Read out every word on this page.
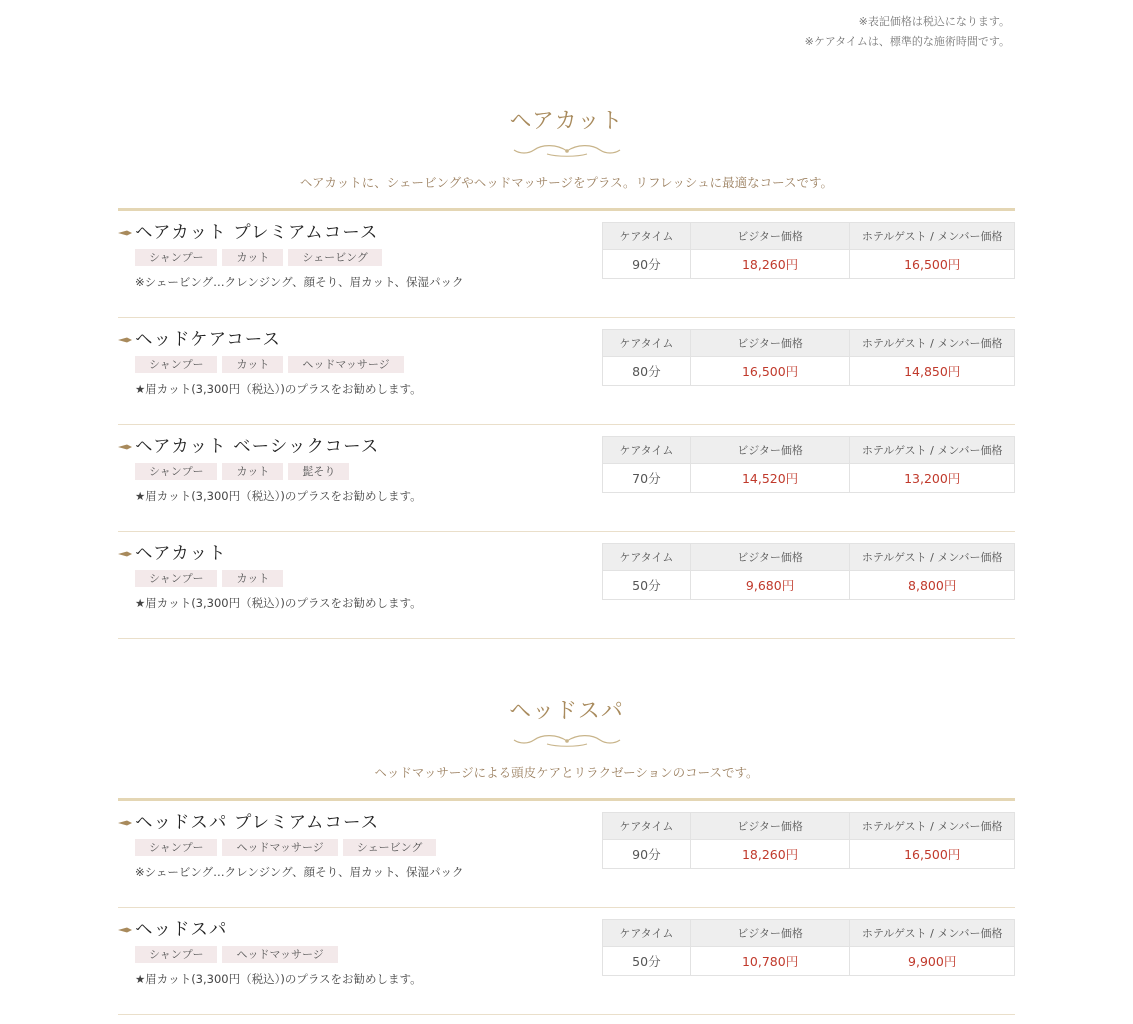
※表記価格は税込になります。
※ケアタイムは、標準的な施術時間です。
ヘアカット
ヘアカットに、シェービングやヘッドマッサージをプラス。リフレッシュに最適なコースです。
ヘアカット プレミアムコース
シャンプー	カット	シェービング
※シェービング…クレンジング、顔そり、眉カット、保湿パック
ケアタイム	ビジター価格	ホテルゲスト / メンバー価格
90分	18,260円	16,500円
ヘッドケアコース
シャンプー	カット	ヘッドマッサージ
★眉カット(3,300円（税込）)のプラスをお勧めします。
ケアタイム	ビジター価格	ホテルゲスト / メンバー価格
80分	16,500円	14,850円
ヘアカット ベーシックコース
シャンプー	カット	髭そり
★眉カット(3,300円（税込）)のプラスをお勧めします。
ケアタイム	ビジター価格	ホテルゲスト / メンバー価格
70分	14,520円	13,200円
ヘアカット
シャンプー	カット
★眉カット(3,300円（税込）)のプラスをお勧めします。
ケアタイム	ビジター価格	ホテルゲスト / メンバー価格
50分	9,680円	8,800円
ヘッドスパ
ヘッドマッサージによる頭皮ケアとリラクゼーションのコースです。
ヘッドスパ プレミアムコース
シャンプー	ヘッドマッサージ	シェービング
※シェービング…クレンジング、顔そり、眉カット、保湿パック
ケアタイム	ビジター価格	ホテルゲスト / メンバー価格
90分	18,260円	16,500円
ヘッドスパ
シャンプー	ヘッドマッサージ
★眉カット(3,300円（税込）)のプラスをお勧めします。
ケアタイム	ビジター価格	ホテルゲスト / メンバー価格
50分	10,780円	9,900円
